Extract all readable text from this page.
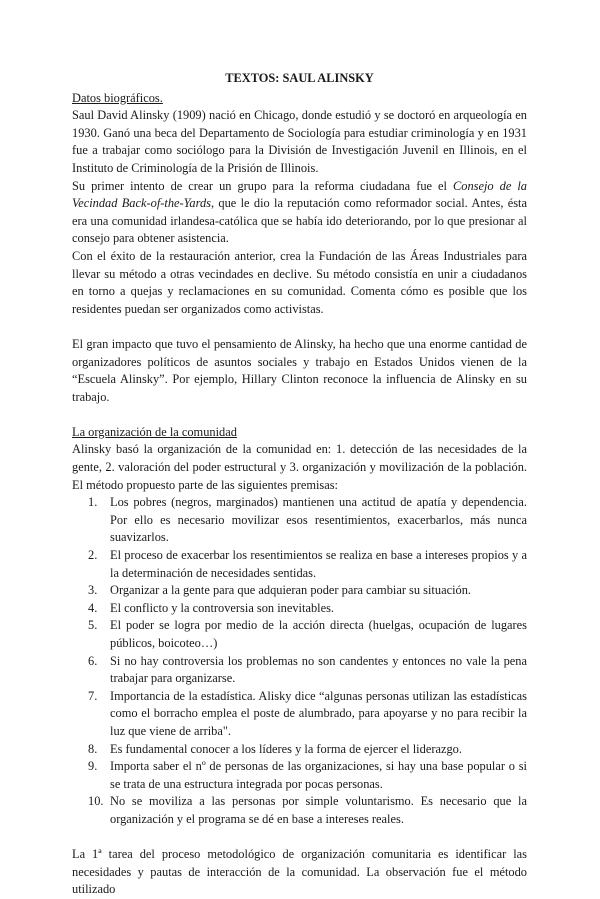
TEXTOS: SAUL ALINSKY
Datos biográficos.

Saul David Alinsky (1909) nació en Chicago, donde estudió y se doctoró en arqueología en 1930. Ganó una beca del Departamento de Sociología para estudiar criminología y en 1931 fue a trabajar como sociólogo para la División de Investigación Juvenil en Illinois, en el Instituto de Criminología de la Prisión de Illinois.

Su primer intento de crear un grupo para la reforma ciudadana fue el Consejo de la Vecindad Back-of-the-Yards, que le dio la reputación como reformador social. Antes, ésta era una comunidad irlandesa-católica que se había ido deteriorando, por lo que presionar al consejo para obtener asistencia.

Con el éxito de la restauración anterior, crea la Fundación de las Áreas Industriales para llevar su método a otras vecindades en declive. Su método consistía en unir a ciudadanos en torno a quejas y reclamaciones en su comunidad. Comenta cómo es posible que los residentes puedan ser organizados como activistas.

El gran impacto que tuvo el pensamiento de Alinsky, ha hecho que una enorme cantidad de organizadores políticos de asuntos sociales y trabajo en Estados Unidos vienen de la “Escuela Alinsky”. Por ejemplo, Hillary Clinton reconoce la influencia de Alinsky en su trabajo.

La organización de la comunidad

Alinsky basó la organización de la comunidad en: 1. detección de las necesidades de la gente, 2. valoración del poder estructural y 3. organización y movilización de la población. El método propuesto parte de las siguientes premisas:

1.	Los pobres (negros, marginados) mantienen una actitud de apatía y dependencia. Por ello es necesario movilizar esos resentimientos, exacerbarlos, más nunca suavizarlos.
2.	El proceso de exacerbar los resentimientos se realiza en base a intereses propios y a la determinación de necesidades sentidas.
3.	Organizar a la gente para que adquieran poder para cambiar su situación.
4.	El conflicto y la controversia son inevitables.
5.	El poder se logra por medio de la acción directa (huelgas, ocupación de lugares públicos, boicoteo…)
6.	Si no hay controversia los problemas no son candentes y entonces no vale la pena trabajar para organizarse.
7.	Importancia de la estadística. Alisky dice “algunas personas utilizan las estadísticas como el borracho emplea el poste de alumbrado, para apoyarse y no para recibir la luz que viene de arriba".
8.	Es fundamental conocer a los líderes y la forma de ejercer el liderazgo.
9.	Importa saber el nº de personas de las organizaciones, si hay una base popular o si se trata de una estructura integrada por pocas personas.
10. No se moviliza a las personas por simple voluntarismo. Es necesario que la organización y el programa se dé en base a intereses reales.

La 1ª tarea del proceso metodológico de organización comunitaria es identificar las necesidades y pautas de interacción de la comunidad. La observación fue el método utilizado
